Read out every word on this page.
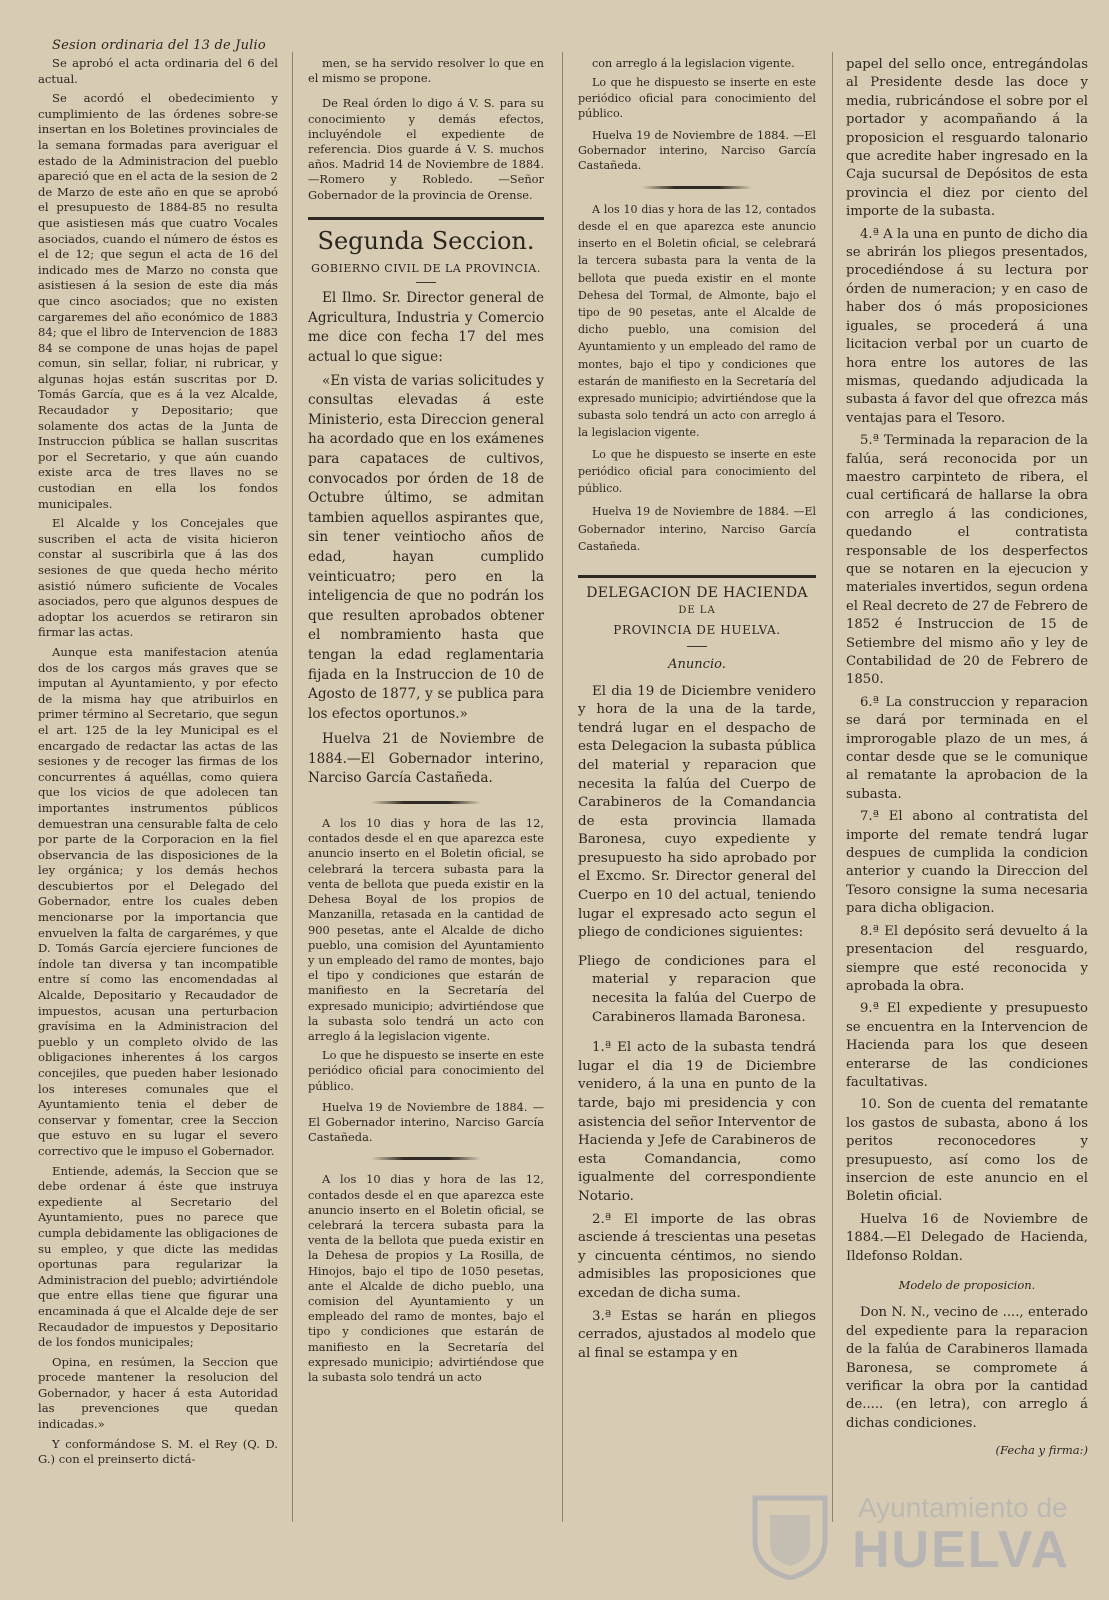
Sesion ordinaria del 13 de Julio

Se aprobó el acta ordinaria del 6 del actual.

Se acordó el obedecimiento y cumplimiento de las órdenes sobre-se insertan en los Boletines provinciales de la semana formadas para averiguar el estado de la Administracion del pueblo apareció que en el acta de la sesion de 2 de Marzo de este año en que se aprobó el presupuesto de 1884-85 no resulta que asistiesen más que cuatro Vocales asociados, cuando el número de éstos es el de 12; que segun el acta de 16 del indicado mes de Marzo no consta que asistiesen á la sesion de este dia más que cinco asociados; que no existen cargaremes del año económico de 1883 84; que el libro de Intervencion de 1883 84 se compone de unas hojas de papel comun, sin sellar, foliar, ni rubricar, y algunas hojas están suscritas por D. Tomás García, que es á la vez Alcalde, Recaudador y Depositario; que solamente dos actas de la Junta de Instruccion pública se hallan suscritas por el Secretario, y que aún cuando existe arca de tres llaves no se custodian en ella los fondos municipales.

El Alcalde y los Concejales que suscriben el acta de visita hicieron constar al suscribirla que á las dos sesiones de que queda hecho mérito asistió número suficiente de Vocales asociados, pero que algunos despues de adoptar los acuerdos se retiraron sin firmar las actas.

Aunque esta manifestacion atenúa dos de los cargos más graves que se imputan al Ayuntamiento, y por efecto de la misma hay que atribuirlos en primer término al Secretario, que segun el art. 125 de la ley Municipal es el encargado de redactar las actas de las sesiones y de recoger las firmas de los concurrentes á aquéllas, como quiera que los vicios de que adolecen tan importantes instrumentos públicos demuestran una censurable falta de celo por parte de la Corporacion en la fiel observancia de las disposiciones de la ley orgánica; y los demás hechos descubiertos por el Delegado del Gobernador, entre los cuales deben mencionarse por la importancia que envuelven la falta de cargarémes, y que D. Tomás García ejerciere funciones de índole tan diversa y tan incompatible entre sí como las encomendadas al Alcalde, Depositario y Recaudador de impuestos, acusan una perturbacion gravísima en la Administracion del pueblo y un completo olvido de las obligaciones inherentes á los cargos concejiles, que pueden haber lesionado los intereses comunales que el Ayuntamiento tenia el deber de conservar y fomentar, cree la Seccion que estuvo en su lugar el severo correctivo que le impuso el Gobernador.

Entiende, además, la Seccion que se debe ordenar á éste que instruya expediente al Secretario del Ayuntamiento, pues no parece que cumpla debidamente las obligaciones de su empleo, y que dicte las medidas oportunas para regularizar la Administracion del pueblo; advirtiéndole que entre ellas tiene que figurar una encaminada á que el Alcalde deje de ser Recaudador de impuestos y Depositario de los fondos municipales;

Opina, en resúmen, la Seccion que procede mantener la resolucion del Gobernador, y hacer á esta Autoridad las prevenciones que quedan indicadas.»

Y conformándose S. M. el Rey (Q. D. G.) con el preinserto dictá-

men, se ha servido resolver lo que en el mismo se propone.

De Real órden lo digo á V. S. para su conocimiento y demás efectos, incluyéndole el expediente de referencia. Dios guarde á V. S. muchos años. Madrid 14 de Noviembre de 1884.—Romero y Robledo. —Señor Gobernador de la provincia de Orense.

Segunda Seccion.

GOBIERNO CIVIL DE LA PROVINCIA.

El Ilmo. Sr. Director general de Agricultura, Industria y Comercio me dice con fecha 17 del mes actual lo que sigue:

«En vista de varias solicitudes y consultas elevadas á este Ministerio, esta Direccion general ha acordado que en los exámenes para capataces de cultivos, convocados por órden de 18 de Octubre último, se admitan tambien aquellos aspirantes que, sin tener veintiocho años de edad, hayan cumplido veinticuatro; pero en la inteligencia de que no podrán los que resulten aprobados obtener el nombramiento hasta que tengan la edad reglamentaria fijada en la Instruccion de 10 de Agosto de 1877, y se publica para los efectos oportunos.»

Huelva 21 de Noviembre de 1884.—El Gobernador interino, Narciso García Castañeda.

A los 10 dias y hora de las 12, contados desde el en que aparezca este anuncio inserto en el Boletin oficial, se celebrará la tercera subasta para la venta de bellota que pueda existir en la Dehesa Boyal de los propios de Manzanilla, retasada en la cantidad de 900 pesetas, ante el Alcalde de dicho pueblo, una comision del Ayuntamiento y un empleado del ramo de montes, bajo el tipo y condiciones que estarán de manifiesto en la Secretaría del expresado municipio; advirtiéndose que la subasta solo tendrá un acto con arreglo á la legislacion vigente.

Lo que he dispuesto se inserte en este periódico oficial para conocimiento del público.

Huelva 19 de Noviembre de 1884. —El Gobernador interino, Narciso García Castañeda.

A los 10 dias y hora de las 12, contados desde el en que aparezca este anuncio inserto en el Boletin oficial, se celebrará la tercera subasta para la venta de la bellota que pueda existir en la Dehesa de propios y La Rosilla, de Hinojos, bajo el tipo de 1050 pesetas, ante el Alcalde de dicho pueblo, una comision del Ayuntamiento y un empleado del ramo de montes, bajo el tipo y condiciones que estarán de manifiesto en la Secretaría del expresado municipio; advirtiéndose que la subasta solo tendrá un acto

con arreglo á la legislacion vigente.

Lo que he dispuesto se inserte en este periódico oficial para conocimiento del público.

Huelva 19 de Noviembre de 1884. —El Gobernador interino, Narciso García Castañeda.

A los 10 dias y hora de las 12, contados desde el en que aparezca este anuncio inserto en el Boletin oficial, se celebrará la tercera subasta para la venta de la bellota que pueda existir en el monte Dehesa del Tormal, de Almonte, bajo el tipo de 90 pesetas, ante el Alcalde de dicho pueblo, una comision del Ayuntamiento y un empleado del ramo de montes, bajo el tipo y condiciones que estarán de manifiesto en la Secretaría del expresado municipio; advirtiéndose que la subasta solo tendrá un acto con arreglo á la legislacion vigente.

Lo que he dispuesto se inserte en este periódico oficial para conocimiento del público.

Huelva 19 de Noviembre de 1884. —El Gobernador interino, Narciso García Castañeda.

DELEGACION DE HACIENDA

DE LA

PROVINCIA DE HUELVA.

Anuncio.

El dia 19 de Diciembre venidero y hora de la una de la tarde, tendrá lugar en el despacho de esta Delegacion la subasta pública del material y reparacion que necesita la falúa del Cuerpo de Carabineros de la Comandancia de esta provincia llamada Baronesa, cuyo expediente y presupuesto ha sido aprobado por el Excmo. Sr. Director general del Cuerpo en 10 del actual, teniendo lugar el expresado acto segun el pliego de condiciones siguientes:

Pliego de condiciones para el material y reparacion que necesita la falúa del Cuerpo de Carabineros llamada Baronesa.

1.ª El acto de la subasta tendrá lugar el dia 19 de Diciembre venidero, á la una en punto de la tarde, bajo mi presidencia y con asistencia del señor Interventor de Hacienda y Jefe de Carabineros de esta Comandancia, como igualmente del correspondiente Notario.

2.ª El importe de las obras asciende á trescientas una pesetas y cincuenta céntimos, no siendo admisibles las proposiciones que excedan de dicha suma.

3.ª Estas se harán en pliegos cerrados, ajustados al modelo que al final se estampa y en

papel del sello once, entregándolas al Presidente desde las doce y media, rubricándose el sobre por el portador y acompañando á la proposicion el resguardo talonario que acredite haber ingresado en la Caja sucursal de Depósitos de esta provincia el diez por ciento del importe de la subasta.

4.ª A la una en punto de dicho dia se abrirán los pliegos presentados, procediéndose á su lectura por órden de numeracion; y en caso de haber dos ó más proposiciones iguales, se procederá á una licitacion verbal por un cuarto de hora entre los autores de las mismas, quedando adjudicada la subasta á favor del que ofrezca más ventajas para el Tesoro.

5.ª Terminada la reparacion de la falúa, será reconocida por un maestro carpinteto de ribera, el cual certificará de hallarse la obra con arreglo á las condiciones, quedando el contratista responsable de los desperfectos que se notaren en la ejecucion y materiales invertidos, segun ordena el Real decreto de 27 de Febrero de 1852 é Instruccion de 15 de Setiembre del mismo año y ley de Contabilidad de 20 de Febrero de 1850.

6.ª La construccion y reparacion se dará por terminada en el improrogable plazo de un mes, á contar desde que se le comunique al rematante la aprobacion de la subasta.

7.ª El abono al contratista del importe del remate tendrá lugar despues de cumplida la condicion anterior y cuando la Direccion del Tesoro consigne la suma necesaria para dicha obligacion.

8.ª El depósito será devuelto á la presentacion del resguardo, siempre que esté reconocida y aprobada la obra.

9.ª El expediente y presupuesto se encuentra en la Intervencion de Hacienda para los que deseen enterarse de las condiciones facultativas.

10. Son de cuenta del rematante los gastos de subasta, abono á los peritos reconocedores y presupuesto, así como los de insercion de este anuncio en el Boletin oficial.

Huelva 16 de Noviembre de 1884.—El Delegado de Hacienda, Ildefonso Roldan.

Modelo de proposicion.

Don N. N., vecino de ...., enterado del expediente para la reparacion de la falúa de Carabineros llamada Baronesa, se compromete á verificar la obra por la cantidad de..... (en letra), con arreglo á dichas condiciones.

(Fecha y firma:)

Ayuntamiento de
HUELVA
